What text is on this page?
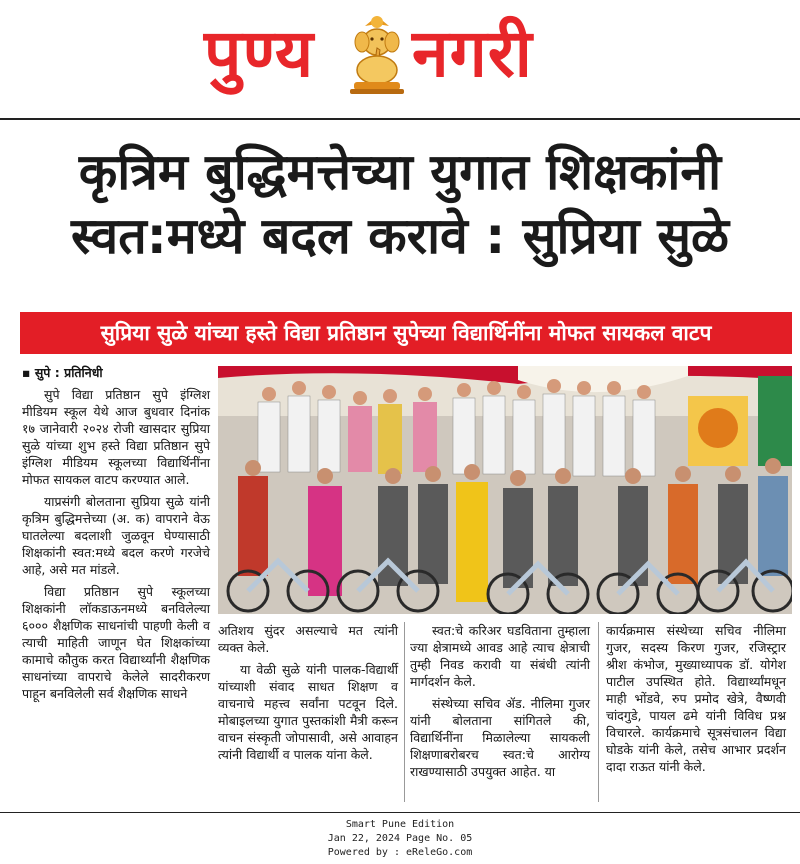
पुण्य नगरी
कृत्रिम बुद्धिमत्तेच्या युगात शिक्षकांनी
स्वत:मध्ये बदल करावे : सुप्रिया सुळे
सुप्रिया सुळे यांच्या हस्ते विद्या प्रतिष्ठान सुपेच्या विद्यार्थिनींना मोफत सायकल वाटप

▪ सुपे : प्रतिनिधी

सुपे विद्या प्रतिष्ठान सुपे इंग्लिश मीडियम स्कूल येथे आज बुधवार दिनांक १७ जानेवारी २०२४ रोजी खासदार सुप्रिया सुळे यांच्या शुभ हस्ते विद्या प्रतिष्ठान सुपे इंग्लिश मीडियम स्कूलच्या विद्यार्थिनींना मोफत सायकल वाटप करण्यात आले.

याप्रसंगी बोलताना सुप्रिया सुळे यांनी कृत्रिम बुद्धिमत्तेच्या (अ. क) वापराने वेऊ घातलेल्या बदलाशी जुळवून घेण्यासाठी शिक्षकांनी स्वत:मध्ये बदल करणे गरजेचे आहे, असे मत मांडले.

विद्या प्रतिष्ठान सुपे स्कूलच्या शिक्षकांनी लॉकडाऊनमध्ये बनविलेल्या ६००० शैक्षणिक साधनांची पाहणी केली व त्याची माहिती जाणून घेत शिक्षकांच्या कामाचे कौतुक करत विद्यार्थ्यांनी शैक्षणिक साधनांच्या वापराचे केलेले सादरीकरण पाहून बनविलेली सर्व शैक्षणिक साधने

अतिशय सुंदर असल्याचे मत त्यांनी व्यक्त केले.

या वेळी सुळे यांनी पालक-विद्यार्थी यांच्याशी संवाद साधत शिक्षण व वाचनाचे महत्त्व सर्वांना पटवून दिले. मोबाइलच्या युगात पुस्तकांशी मैत्री करून वाचन संस्कृती जोपासावी, असे आवाहन त्यांनी विद्यार्थी व पालक यांना केले.

स्वत:चे करिअर घडविताना तुम्हाला ज्या क्षेत्रामध्ये आवड आहे त्याच क्षेत्राची तुम्ही निवड करावी या संबंधी त्यांनी मार्गदर्शन केले.

संस्थेच्या सचिव ॲड. नीलिमा गुजर यांनी बोलताना सांगितले की, विद्यार्थिनींना मिळालेल्या सायकली शिक्षणाबरोबरच स्वत:चे आरोग्य राखण्यासाठी उपयुक्त आहेत. या

कार्यक्रमास संस्थेच्या सचिव नीलिमा गुजर, सदस्य किरण गुजर, रजिस्ट्रार श्रीश कंभोज, मुख्याध्यापक डॉ. योगेश पाटील उपस्थित होते. विद्यार्थ्यांमधून माही भोंडवे, रुप प्रमोद खेत्रे, वैष्णवी चांदगुडे, पायल ढमे यांनी विविध प्रश्न विचारले. कार्यक्रमाचे सूत्रसंचालन विद्या घोडके यांनी केले, तसेच आभार प्रदर्शन दादा राऊत यांनी केले.

Smart Pune Edition
Jan 22, 2024 Page No. 05
Powered by : eReleGo.com
